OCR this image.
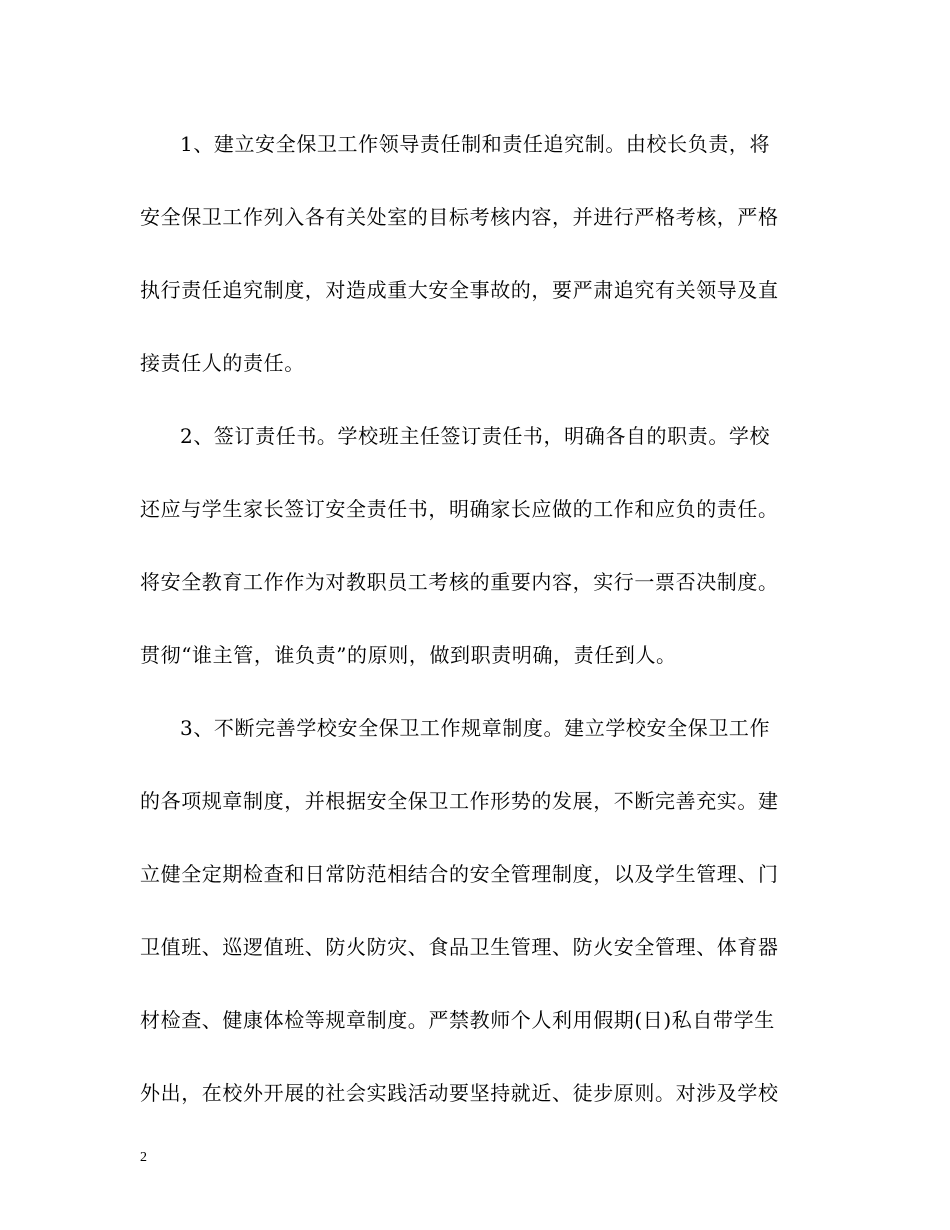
1、建立安全保卫工作领导责任制和责任追究制。由校长负责，将
安全保卫工作列入各有关处室的目标考核内容，并进行严格考核，严格
执行责任追究制度，对造成重大安全事故的，要严肃追究有关领导及直
接责任人的责任。
2、签订责任书。学校班主任签订责任书，明确各自的职责。学校
还应与学生家长签订安全责任书，明确家长应做的工作和应负的责任。
将安全教育工作作为对教职员工考核的重要内容，实行一票否决制度。
贯彻“谁主管，谁负责”的原则，做到职责明确，责任到人。
3、不断完善学校安全保卫工作规章制度。建立学校安全保卫工作
的各项规章制度，并根据安全保卫工作形势的发展，不断完善充实。建
立健全定期检查和日常防范相结合的安全管理制度，以及学生管理、门
卫值班、巡逻值班、防火防灾、食品卫生管理、防火安全管理、体育器
材检查、健康体检等规章制度。严禁教师个人利用假期(日)私自带学生
外出，在校外开展的社会实践活动要坚持就近、徒步原则。对涉及学校
2
